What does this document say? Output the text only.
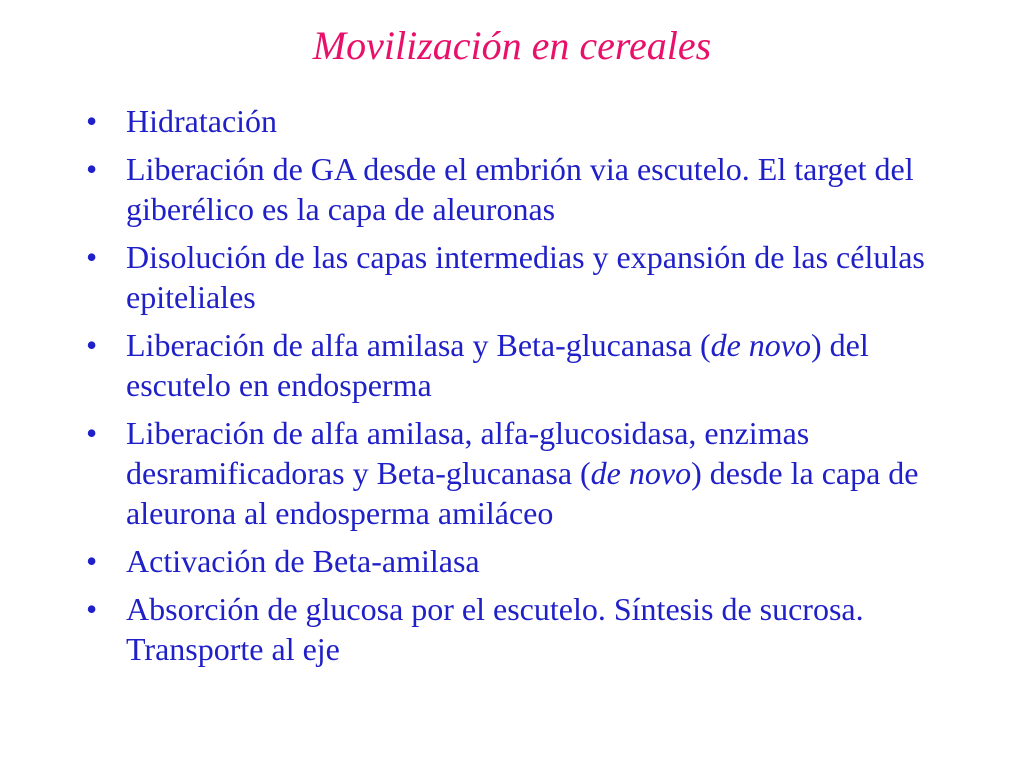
Movilización en cereales
• Hidratación
• Liberación de GA desde el embrión via escutelo. El target del giberélico es la capa de aleuronas
• Disolución de las capas intermedias y expansión de las células epiteliales
• Liberación de alfa amilasa y Beta-glucanasa (de novo) del escutelo en endosperma
• Liberación de alfa amilasa, alfa-glucosidasa, enzimas desramificadoras y Beta-glucanasa (de novo) desde la capa de aleurona al endosperma amiláceo
• Activación de Beta-amilasa
• Absorción de glucosa por el escutelo. Síntesis de sucrosa. Transporte al eje
